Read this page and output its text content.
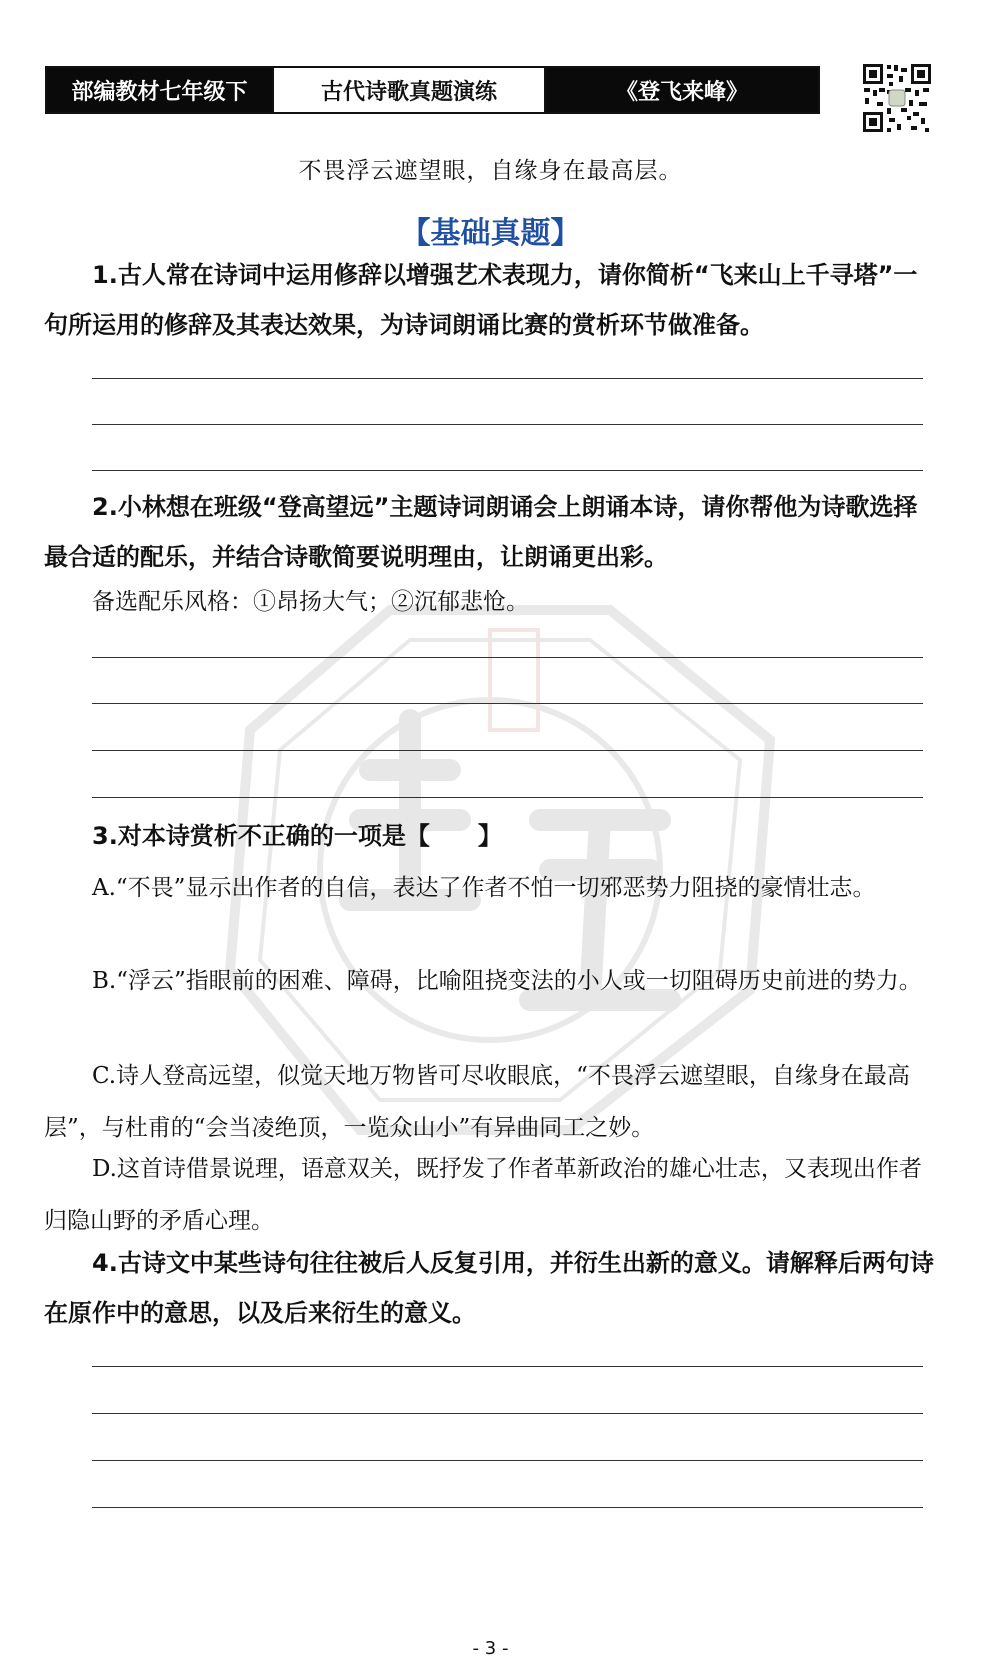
部编教材七年级下	古代诗歌真题演练	《登飞来峰》
不畏浮云遮望眼，自缘身在最高层。
【基础真题】
1.古人常在诗词中运用修辞以增强艺术表现力，请你简析“飞来山上千寻塔”一句所运用的修辞及其表达效果，为诗词朗诵比赛的赏析环节做准备。
2.小林想在班级“登高望远”主题诗词朗诵会上朗诵本诗，请你帮他为诗歌选择最合适的配乐，并结合诗歌简要说明理由，让朗诵更出彩。
备选配乐风格：①昂扬大气；②沉郁悲怆。
3.对本诗赏析不正确的一项是【　　】
A.“不畏”显示出作者的自信，表达了作者不怕一切邪恶势力阻挠的豪情壮志。
B.“浮云”指眼前的困难、障碍，比喻阻挠变法的小人或一切阻碍历史前进的势力。
C.诗人登高远望，似觉天地万物皆可尽收眼底，“不畏浮云遮望眼，自缘身在最高层”，与杜甫的“会当凌绝顶，一览众山小”有异曲同工之妙。
D.这首诗借景说理，语意双关，既抒发了作者革新政治的雄心壮志，又表现出作者归隐山野的矛盾心理。
4.古诗文中某些诗句往往被后人反复引用，并衍生出新的意义。请解释后两句诗在原作中的意思，以及后来衍生的意义。
- 3 -
